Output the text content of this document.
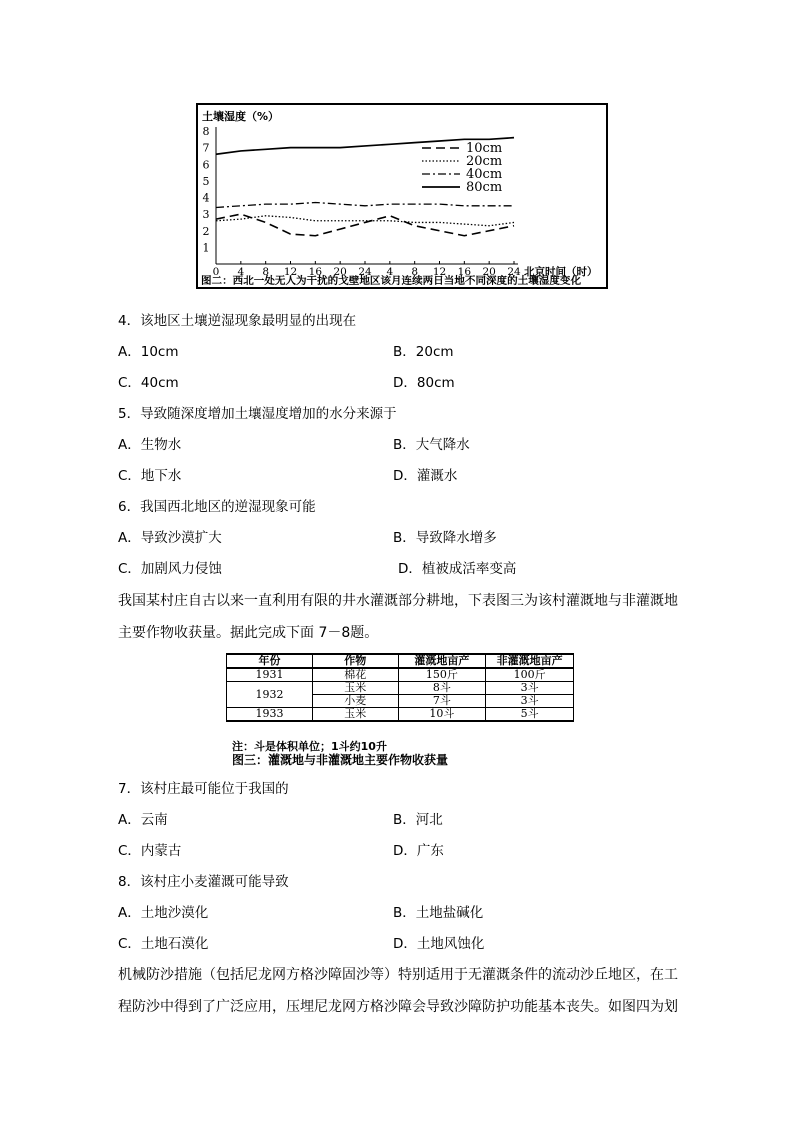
土壤湿度（%）
1
2
3
4
5
6
7
8
0 4 8 12 16 20 24 4 8 12 16 20 24 北京时间（时）
10cm
20cm
40cm
80cm
图二：西北一处无人为干扰的戈壁地区该月连续两日当地不同深度的土壤湿度变化
4．该地区土壤逆湿现象最明显的出现在
A．10cm	B．20cm
C．40cm	D．80cm
5．导致随深度增加土壤湿度增加的水分来源于
A．生物水	B．大气降水
C．地下水	D．灌溉水
6．我国西北地区的逆湿现象可能
A．导致沙漠扩大	B．导致降水增多
C．加剧风力侵蚀	D．植被成活率变高
我国某村庄自古以来一直利用有限的井水灌溉部分耕地，下表图三为该村灌溉地与非灌溉地
主要作物收获量。据此完成下面 7－8题。
年份	作物	灌溉地亩产	非灌溉地亩产
1931	棉花	150斤	100斤
1932	玉米	8斗	3斗
	小麦	7斗	3斗
1933	玉米	10斗	5斗
注：斗是体积单位；1斗约10升
图三：灌溉地与非灌溉地主要作物收获量
7．该村庄最可能位于我国的
A．云南	B．河北
C．内蒙古	D．广东
8．该村庄小麦灌溉可能导致
A．土地沙漠化	B．土地盐碱化
C．土地石漠化	D．土地风蚀化
机械防沙措施（包括尼龙网方格沙障固沙等）特别适用于无灌溉条件的流动沙丘地区，在工
程防沙中得到了广泛应用，压埋尼龙网方格沙障会导致沙障防护功能基本丧失。如图四为划
